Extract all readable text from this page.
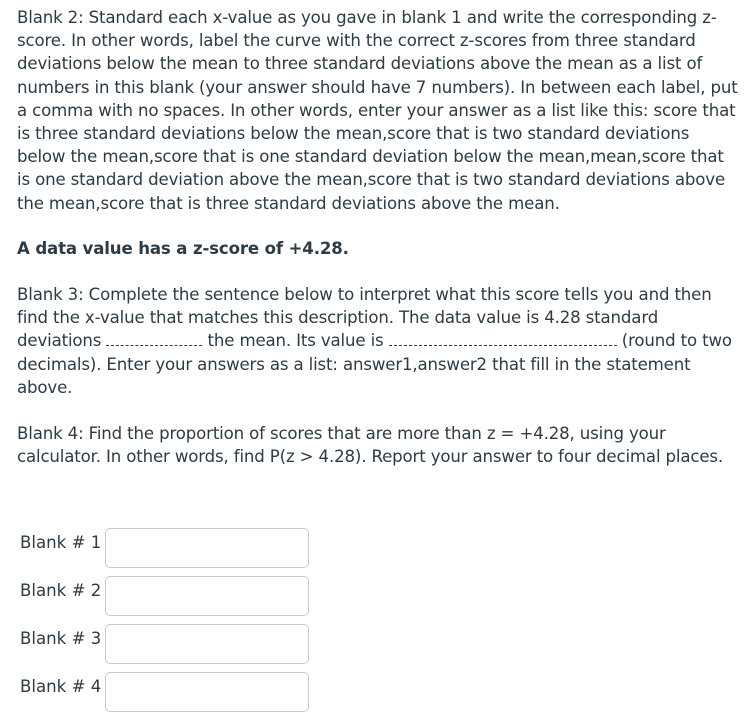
Blank 2: Standard each x-value as you gave in blank 1 and write the corresponding z-score. In other words, label the curve with the correct z-scores from three standard deviations below the mean to three standard deviations above the mean as a list of numbers in this blank (your answer should have 7 numbers). In between each label, put a comma with no spaces. In other words, enter your answer as a list like this: score that is three standard deviations below the mean,score that is two standard deviations below the mean,score that is one standard deviation below the mean,mean,score that is one standard deviation above the mean,score that is two standard deviations above the mean,score that is three standard deviations above the mean.

A data value has a z-score of +4.28.

Blank 3: Complete the sentence below to interpret what this score tells you and then find the x-value that matches this description. The data value is 4.28 standard deviations	the mean. Its value is	(round to two decimals). Enter your answers as a list: answer1,answer2 that fill in the statement above.

Blank 4: Find the proportion of scores that are more than z = +4.28, using your calculator. In other words, find P(z > 4.28). Report your answer to four decimal places.

Blank # 1
Blank # 2
Blank # 3
Blank # 4
